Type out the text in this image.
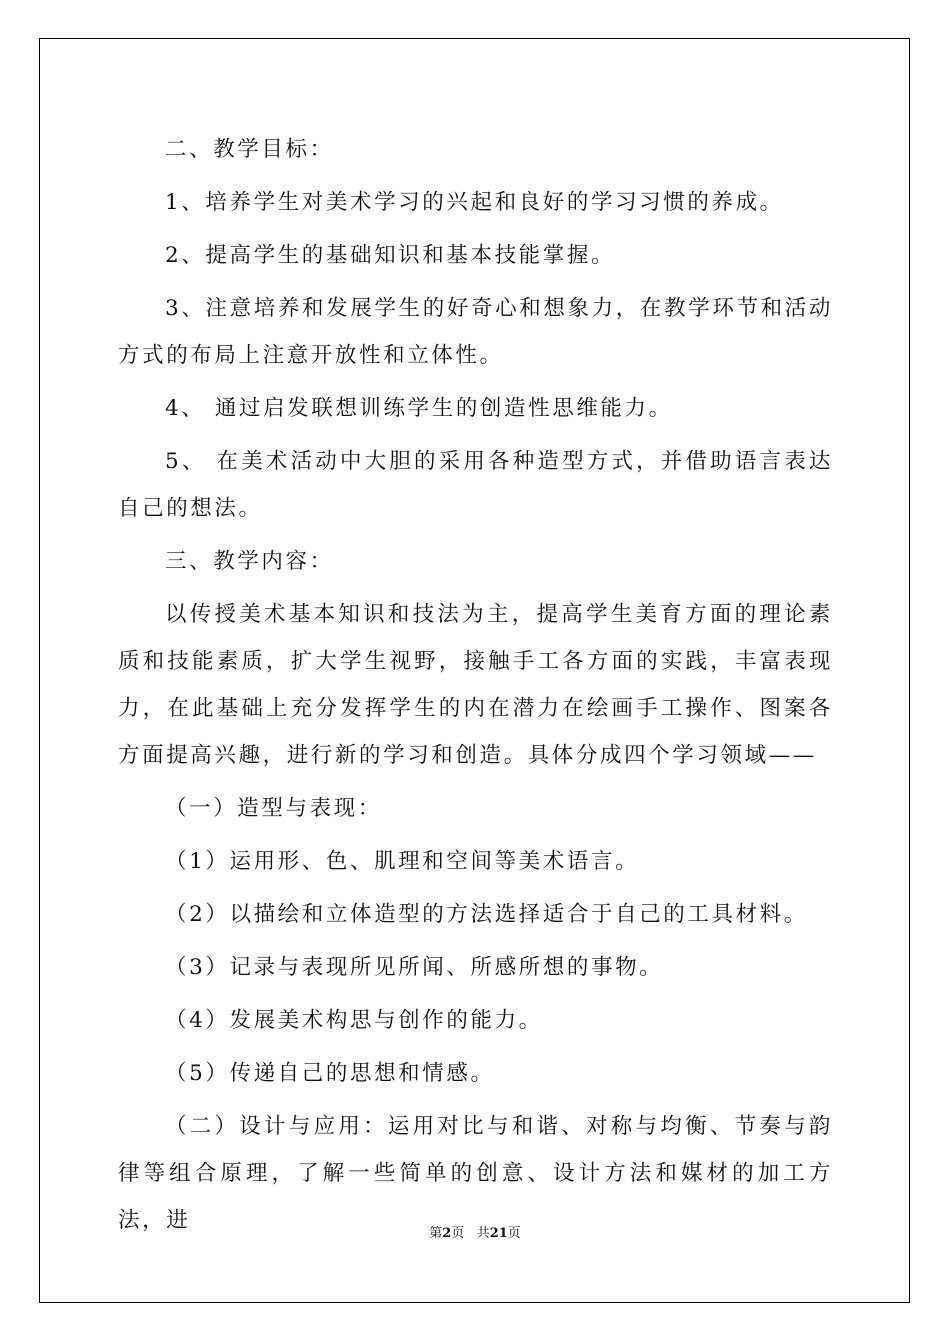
二、教学目标：

1、培养学生对美术学习的兴起和良好的学习习惯的养成。

2、提高学生的基础知识和基本技能掌握。

3、注意培养和发展学生的好奇心和想象力，在教学环节和活动方式的布局上注意开放性和立体性。

4、 通过启发联想训练学生的创造性思维能力。

5、 在美术活动中大胆的采用各种造型方式，并借助语言表达自己的想法。

三、教学内容：

以传授美术基本知识和技法为主，提高学生美育方面的理论素质和技能素质，扩大学生视野，接触手工各方面的实践，丰富表现力，在此基础上充分发挥学生的内在潜力在绘画手工操作、图案各方面提高兴趣，进行新的学习和创造。具体分成四个学习领域——

（一）造型与表现：

（1）运用形、色、肌理和空间等美术语言。

（2）以描绘和立体造型的方法选择适合于自己的工具材料。

（3）记录与表现所见所闻、所感所想的事物。

（4）发展美术构思与创作的能力。

（5）传递自己的思想和情感。

（二）设计与应用：运用对比与和谐、对称与均衡、节奏与韵律等组合原理，了解一些简单的创意、设计方法和媒材的加工方法，进

第2页 共21页
